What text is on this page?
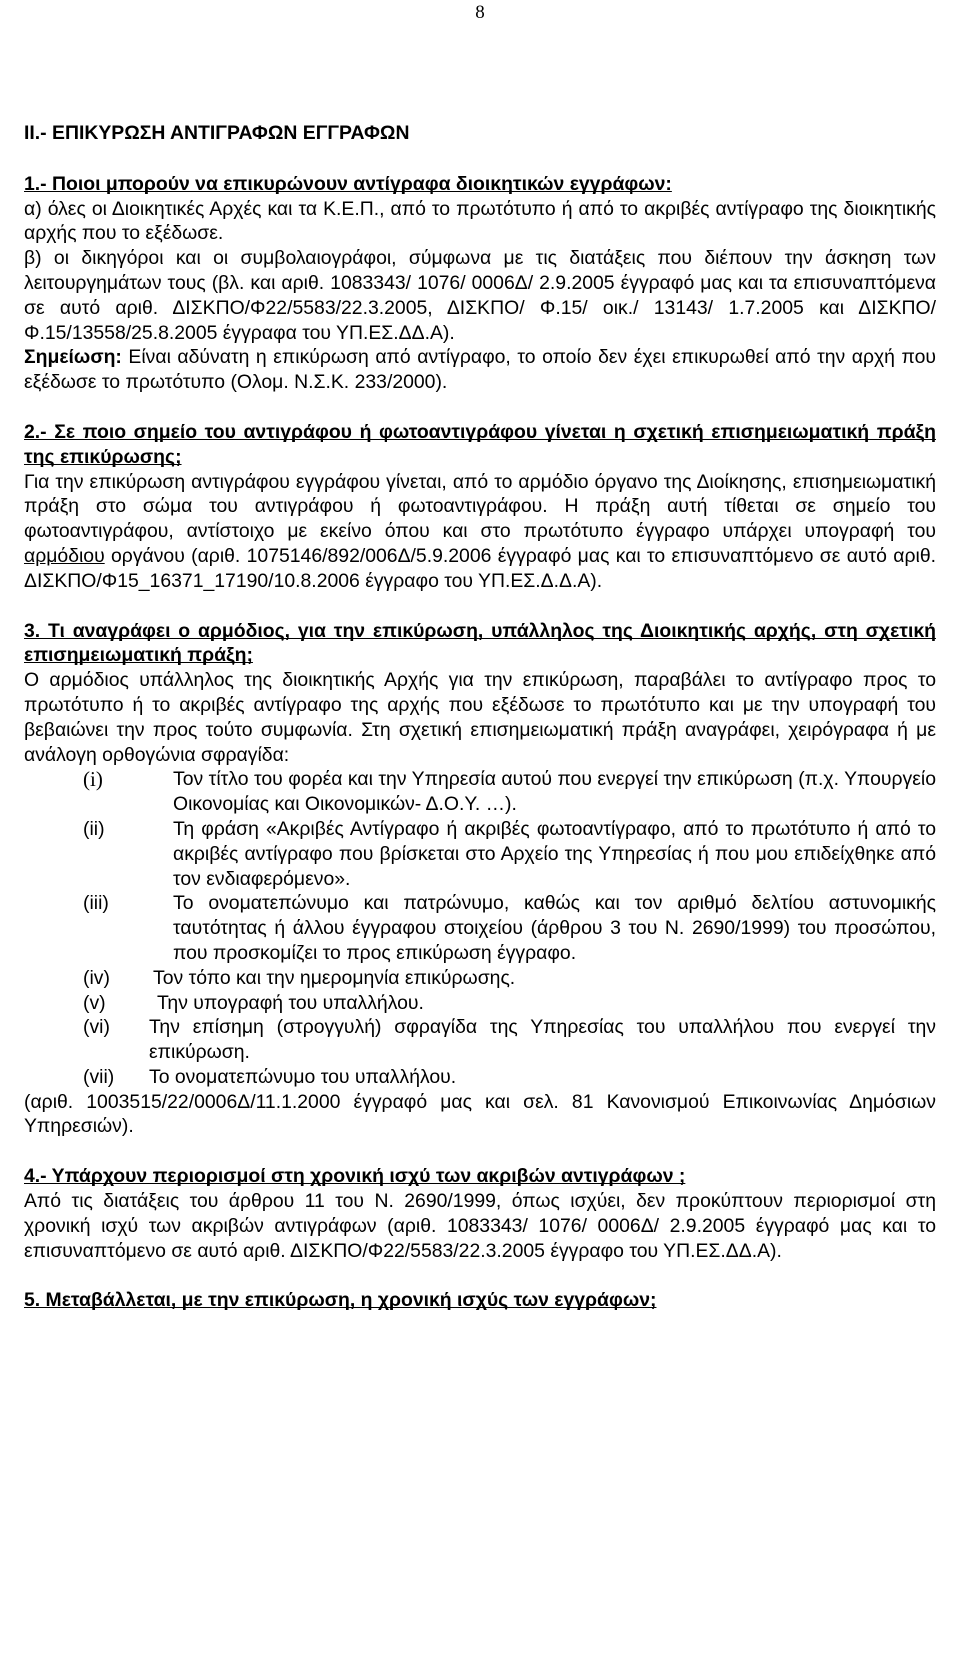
8
II.- ΕΠΙΚΥΡΩΣΗ ΑΝΤΙΓΡΑΦΩΝ ΕΓΓΡΑΦΩΝ

1.- Ποιοι μπορούν να επικυρώνουν αντίγραφα διοικητικών εγγράφων:

α) όλες οι Διοικητικές Αρχές και τα Κ.Ε.Π., από το πρωτότυπο ή από το ακριβές αντίγραφο της διοικητικής αρχής που το εξέδωσε.

β) οι δικηγόροι και οι συμβολαιογράφοι, σύμφωνα με τις διατάξεις που διέπουν την άσκηση των λειτουργημάτων τους (βλ. και αριθ. 1083343/ 1076/ 0006Δ/ 2.9.2005 έγγραφό μας και τα επισυναπτόμενα σε αυτό αριθ. ΔΙΣΚΠΟ/Φ22/5583/22.3.2005, ΔΙΣΚΠΟ/ Φ.15/ οικ./ 13143/ 1.7.2005 και ΔΙΣΚΠΟ/Φ.15/13558/25.8.2005 έγγραφα του ΥΠ.ΕΣ.ΔΔ.Α).

Σημείωση: Είναι αδύνατη η επικύρωση από αντίγραφο, το οποίο δεν έχει επικυρωθεί από την αρχή που εξέδωσε το πρωτότυπο (Ολομ. Ν.Σ.Κ. 233/2000).

2.- Σε ποιο σημείο του αντιγράφου ή φωτοαντιγράφου γίνεται η σχετική επισημειωματική πράξη της επικύρωσης;

Για την επικύρωση αντιγράφου εγγράφου γίνεται, από το αρμόδιο όργανο της Διοίκησης, επισημειωματική πράξη στο σώμα του αντιγράφου ή φωτοαντιγράφου. Η πράξη αυτή τίθεται σε σημείο του φωτοαντιγράφου, αντίστοιχο με εκείνο όπου και στο πρωτότυπο έγγραφο υπάρχει υπογραφή του αρμόδιου οργάνου (αριθ. 1075146/892/006Δ/5.9.2006 έγγραφό μας και το επισυναπτόμενο σε αυτό αριθ. ΔΙΣΚΠΟ/Φ15_16371_17190/10.8.2006 έγγραφο του ΥΠ.ΕΣ.Δ.Δ.Α).

3. Τι αναγράφει ο αρμόδιος, για την επικύρωση, υπάλληλος της Διοικητικής αρχής, στη σχετική επισημειωματική πράξη;

Ο αρμόδιος υπάλληλος της διοικητικής Αρχής για την επικύρωση, παραβάλει το αντίγραφο προς το πρωτότυπο ή το ακριβές αντίγραφο της αρχής που εξέδωσε το πρωτότυπο και με την υπογραφή του βεβαιώνει την προς τούτο συμφωνία. Στη σχετική επισημειωματική πράξη αναγράφει, χειρόγραφα ή με ανάλογη ορθογώνια σφραγίδα:

(i)	Τον τίτλο του φορέα και την Υπηρεσία αυτού που ενεργεί την επικύρωση (π.χ. Υπουργείο Οικονομίας και Οικονομικών- Δ.Ο.Υ. …).
(ii)	Τη φράση «Ακριβές Αντίγραφο ή ακριβές φωτοαντίγραφο, από το πρωτότυπο ή από το ακριβές αντίγραφο που βρίσκεται στο Αρχείο της Υπηρεσίας ή που μου επιδείχθηκε από τον ενδιαφερόμενο».
(iii)	Το ονοματεπώνυμο και πατρώνυμο, καθώς και τον αριθμό δελτίου αστυνομικής ταυτότητας ή άλλου έγγραφου στοιχείου (άρθρου 3 του Ν. 2690/1999) του προσώπου, που προσκομίζει το προς επικύρωση έγγραφο.
(iv)	Τον τόπο και την ημερομηνία επικύρωσης.
(v)	Την υπογραφή του υπαλλήλου.
(vi)	Την επίσημη (στρογγυλή) σφραγίδα της Υπηρεσίας του υπαλλήλου που ενεργεί την επικύρωση.
(vii)	Το ονοματεπώνυμο του υπαλλήλου.

(αριθ. 1003515/22/0006Δ/11.1.2000 έγγραφό μας και σελ. 81 Κανονισμού Επικοινωνίας Δημόσιων Υπηρεσιών).

4.- Υπάρχουν περιορισμοί στη χρονική ισχύ των ακριβών αντιγράφων ;

Από τις διατάξεις του άρθρου 11 του Ν. 2690/1999, όπως ισχύει, δεν προκύπτουν περιορισμοί στη χρονική ισχύ των ακριβών αντιγράφων (αριθ. 1083343/ 1076/ 0006Δ/ 2.9.2005 έγγραφό μας και το επισυναπτόμενο σε αυτό αριθ. ΔΙΣΚΠΟ/Φ22/5583/22.3.2005 έγγραφο του ΥΠ.ΕΣ.ΔΔ.Α).

5. Μεταβάλλεται, με την επικύρωση, η χρονική ισχύς των εγγράφων;
